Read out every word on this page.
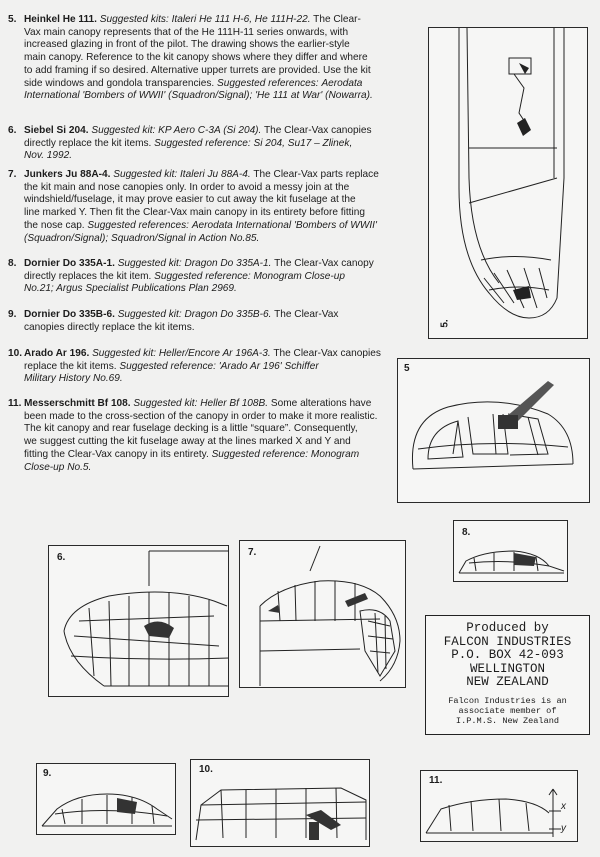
5. Heinkel He 111. Suggested kits: Italeri He 111 H-6, He 111H-22. The Clear-
Vax main canopy represents that of the He 111H-11 series onwards, with
increased glazing in front of the pilot. The drawing shows the earlier-style
main canopy. Reference to the kit canopy shows where they differ and where
to add framing if so desired. Alternative upper turrets are provided. Use the kit
side windows and gondola transparencies. Suggested references: Aerodata
International 'Bombers of WWII' (Squadron/Signal); 'He 111 at War' (Nowarra).
6. Siebel Si 204. Suggested kit: KP Aero C-3A (Si 204). The Clear-Vax canopies
directly replace the kit items. Suggested reference: Si 204, Su17 – Zlinek,
Nov. 1992.
7. Junkers Ju 88A-4. Suggested kit: Italeri Ju 88A-4. The Clear-Vax parts replace
the kit main and nose canopies only. In order to avoid a messy join at the
windshield/fuselage, it may prove easier to cut away the kit fuselage at the
line marked Y. Then fit the Clear-Vax main canopy in its entirety before fitting
the nose cap. Suggested references: Aerodata International 'Bombers of WWII'
(Squadron/Signal); Squadron/Signal in Action No.85.
8. Dornier Do 335A-1. Suggested kit: Dragon Do 335A-1. The Clear-Vax canopy
directly replaces the kit item. Suggested reference: Monogram Close-up
No.21; Argus Specialist Publications Plan 2969.
9. Dornier Do 335B-6. Suggested kit: Dragon Do 335B-6. The Clear-Vax
canopies directly replace the kit items.
10. Arado Ar 196. Suggested kit: Heller/Encore Ar 196A-3. The Clear-Vax canopies
replace the kit items. Suggested reference: 'Arado Ar 196' Schiffer
Military History No.69.
11. Messerschmitt Bf 108. Suggested kit: Heller Bf 108B. Some alterations have
been made to the cross-section of the canopy in order to make it more realistic.
The kit canopy and rear fuselage decking is a little “square”. Consequently,
we suggest cutting the kit fuselage away at the lines marked X and Y and
fitting the Clear-Vax canopy in its entirety. Suggested reference: Monogram
Close-up No.5.
5.
5
6.	7.
8.
Produced by
FALCON INDUSTRIES
P.O. BOX 42-093
WELLINGTON
NEW ZEALAND
Falcon Industries is an
associate member of
I.P.M.S. New Zealand
9.	10.
11.
x
y
